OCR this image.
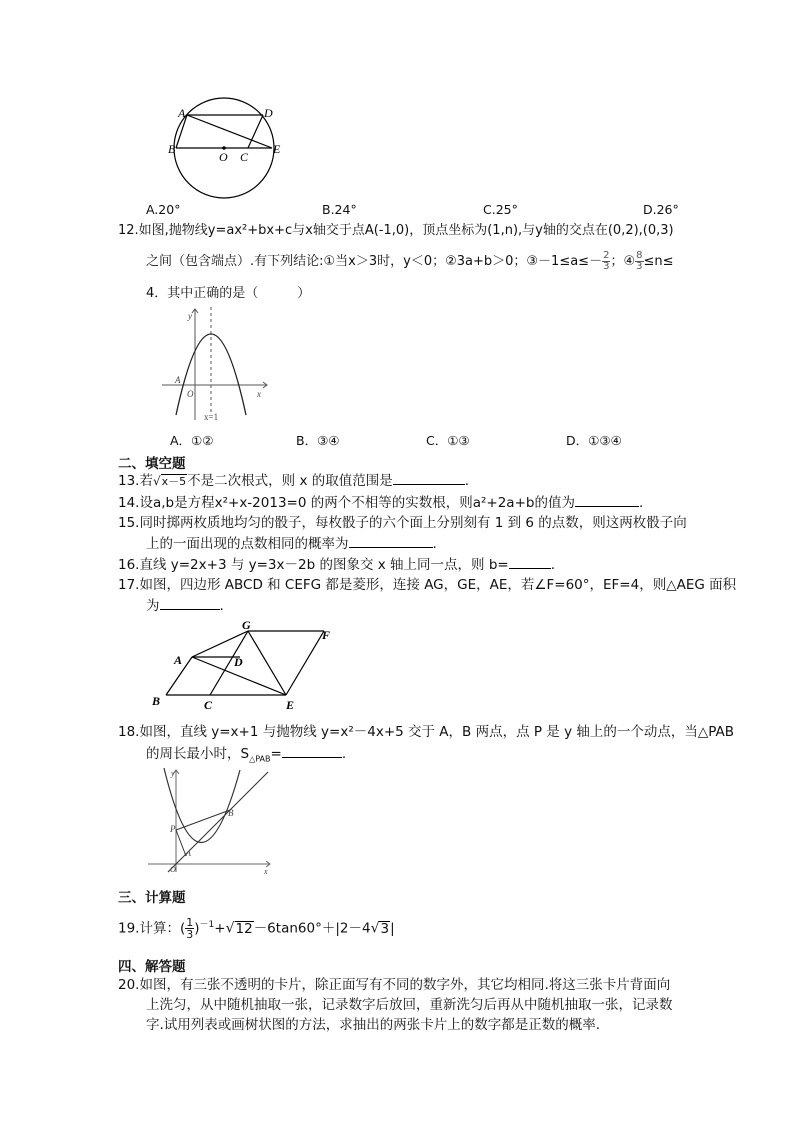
A	D
B
O C
E
A.20°	B.24°	C.25°	D.26°
12.如图,抛物线y=ax²+bx+c与x轴交于点A(-1,0)，顶点坐标为(1,n),与y轴的交点在(0,2),(0,3)
之间（包含端点）.有下列结论:①当x＞3时，y＜0；②3a+b＞0；③－1≤a≤－ $\frac{2}{3}$ ；④ $\frac{8}{3} \le n\le$
4．其中正确的是（　　　）
y
x
A
O
x=1
A．①②	B．③④	C．①③	D．①③④
二、填空题
13.若√x－5不是二次根式，则 x 的取值范围是	.
14.设a,b是方程x²+x-2013=0 的两个不相等的实数根，则a²+2a+b的值为	.
15.同时掷两枚质地均匀的骰子，每枚骰子的六个面上分别刻有 1 到 6 的点数，则这两枚骰子向
上的一面出现的点数相同的概率为	.
16.直线 y=2x+3 与 y=3x－2b 的图象交 x 轴上同一点，则 b=	.
17.如图，四边形 ABCD 和 CEFG 都是菱形，连接 AG，GE，AE，若∠F=60°，EF=4，则△AEG 面积
为	.
G
F
A	D
B	C	E
18.如图，直线 y=x+1 与抛物线 y=x²－4x+5 交于 A，B 两点，点 P 是 y 轴上的一个动点，当△PAB
的周长最小时，$S_{\triangle PAB}=$	.
y
x
P
B
A
O
三、计算题
19.计算：( $\frac{1}{3} )^{-1}+√12-6\tan 60^\circ+|2-4√3|$
四、解答题
20.如图，有三张不透明的卡片，除正面写有不同的数字外，其它均相同.将这三张卡片背面向
上洗匀，从中随机抽取一张，记录数字后放回，重新洗匀后再从中随机抽取一张，记录数
字.试用列表或画树状图的方法，求抽出的两张卡片上的数字都是正数的概率.
